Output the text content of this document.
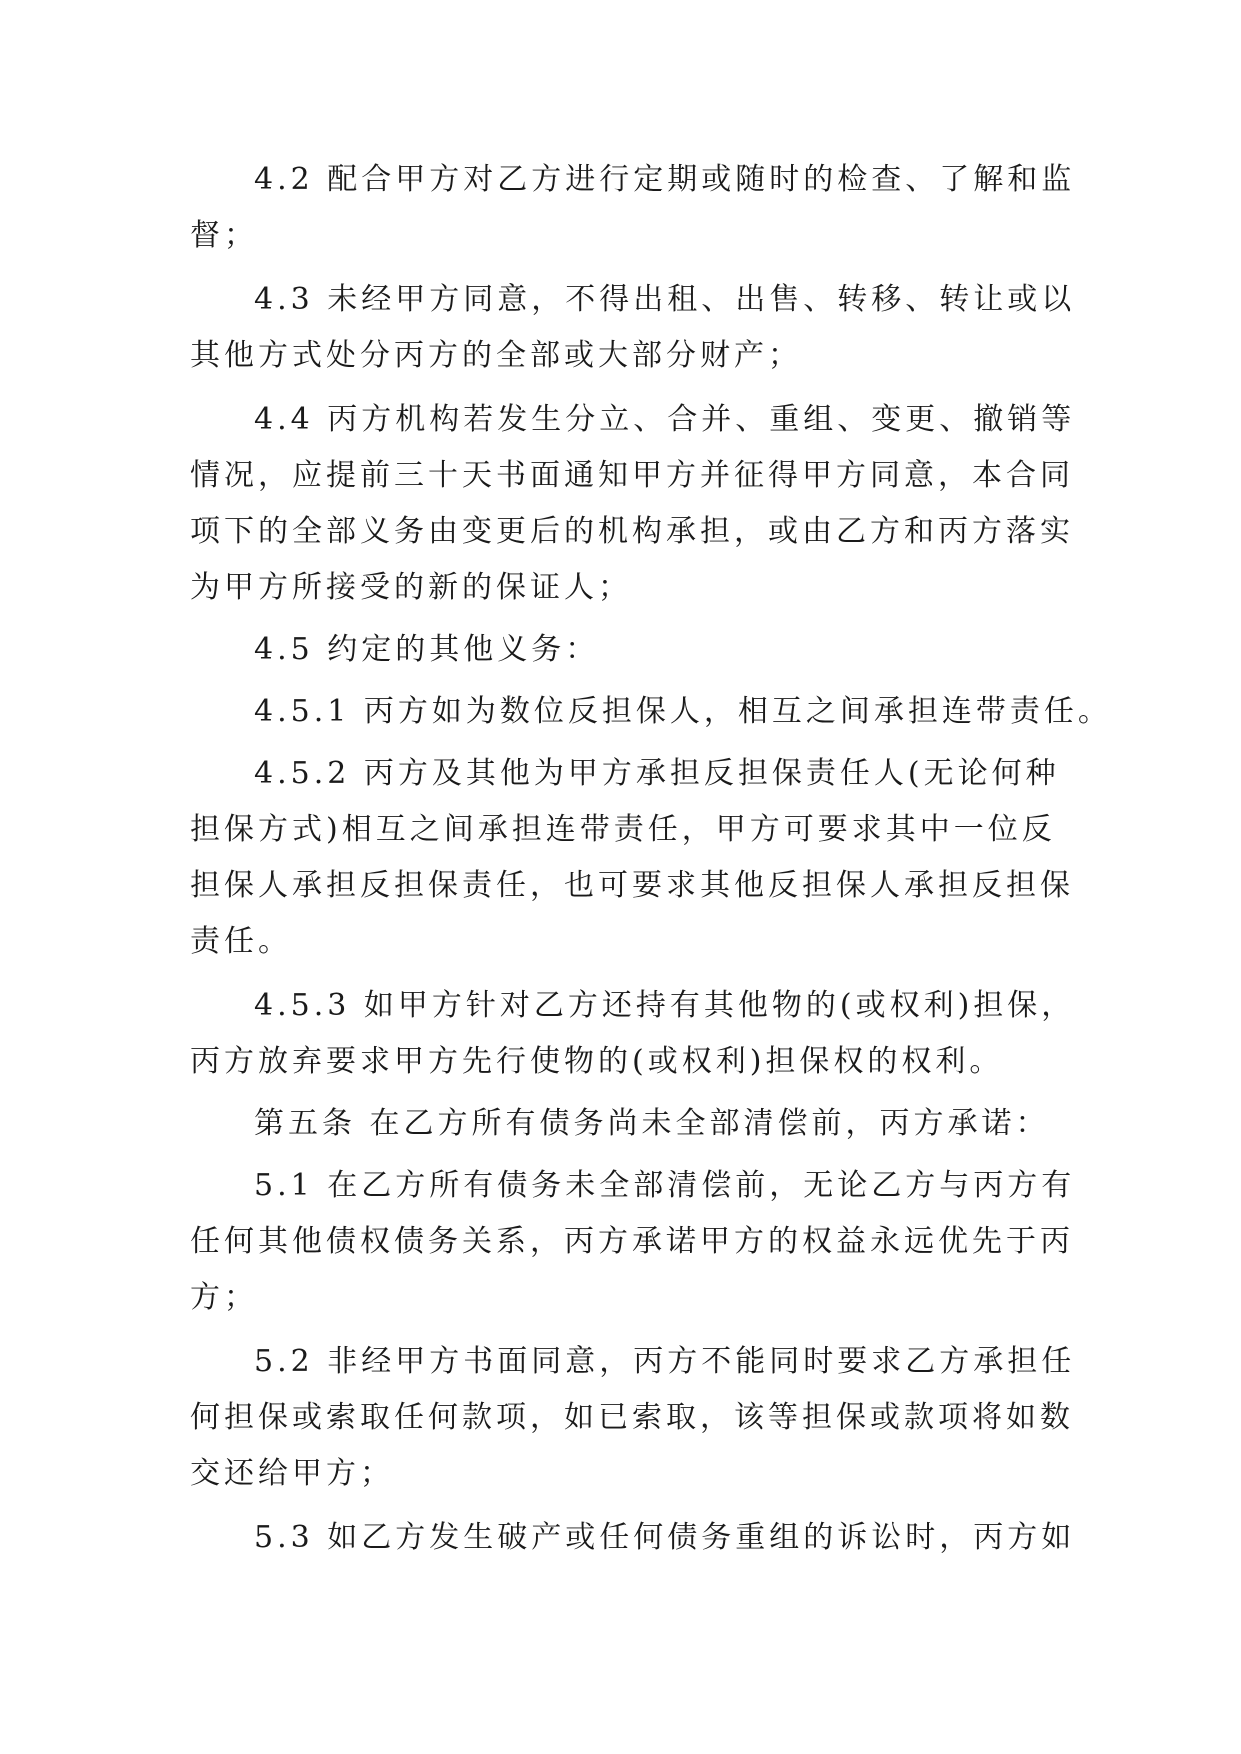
4.2 配合甲方对乙方进行定期或随时的检查、了解和监
督；
4.3 未经甲方同意，不得出租、出售、转移、转让或以
其他方式处分丙方的全部或大部分财产；
4.4 丙方机构若发生分立、合并、重组、变更、撤销等
情况，应提前三十天书面通知甲方并征得甲方同意，本合同
项下的全部义务由变更后的机构承担，或由乙方和丙方落实
为甲方所接受的新的保证人；
4.5 约定的其他义务：
4.5.1 丙方如为数位反担保人，相互之间承担连带责任。
4.5.2 丙方及其他为甲方承担反担保责任人(无论何种
担保方式)相互之间承担连带责任，甲方可要求其中一位反
担保人承担反担保责任，也可要求其他反担保人承担反担保
责任。
4.5.3 如甲方针对乙方还持有其他物的(或权利)担保，
丙方放弃要求甲方先行使物的(或权利)担保权的权利。
第五条 在乙方所有债务尚未全部清偿前，丙方承诺：
5.1 在乙方所有债务未全部清偿前，无论乙方与丙方有
任何其他债权债务关系，丙方承诺甲方的权益永远优先于丙
方；
5.2 非经甲方书面同意，丙方不能同时要求乙方承担任
何担保或索取任何款项，如已索取，该等担保或款项将如数
交还给甲方；
5.3 如乙方发生破产或任何债务重组的诉讼时，丙方如
